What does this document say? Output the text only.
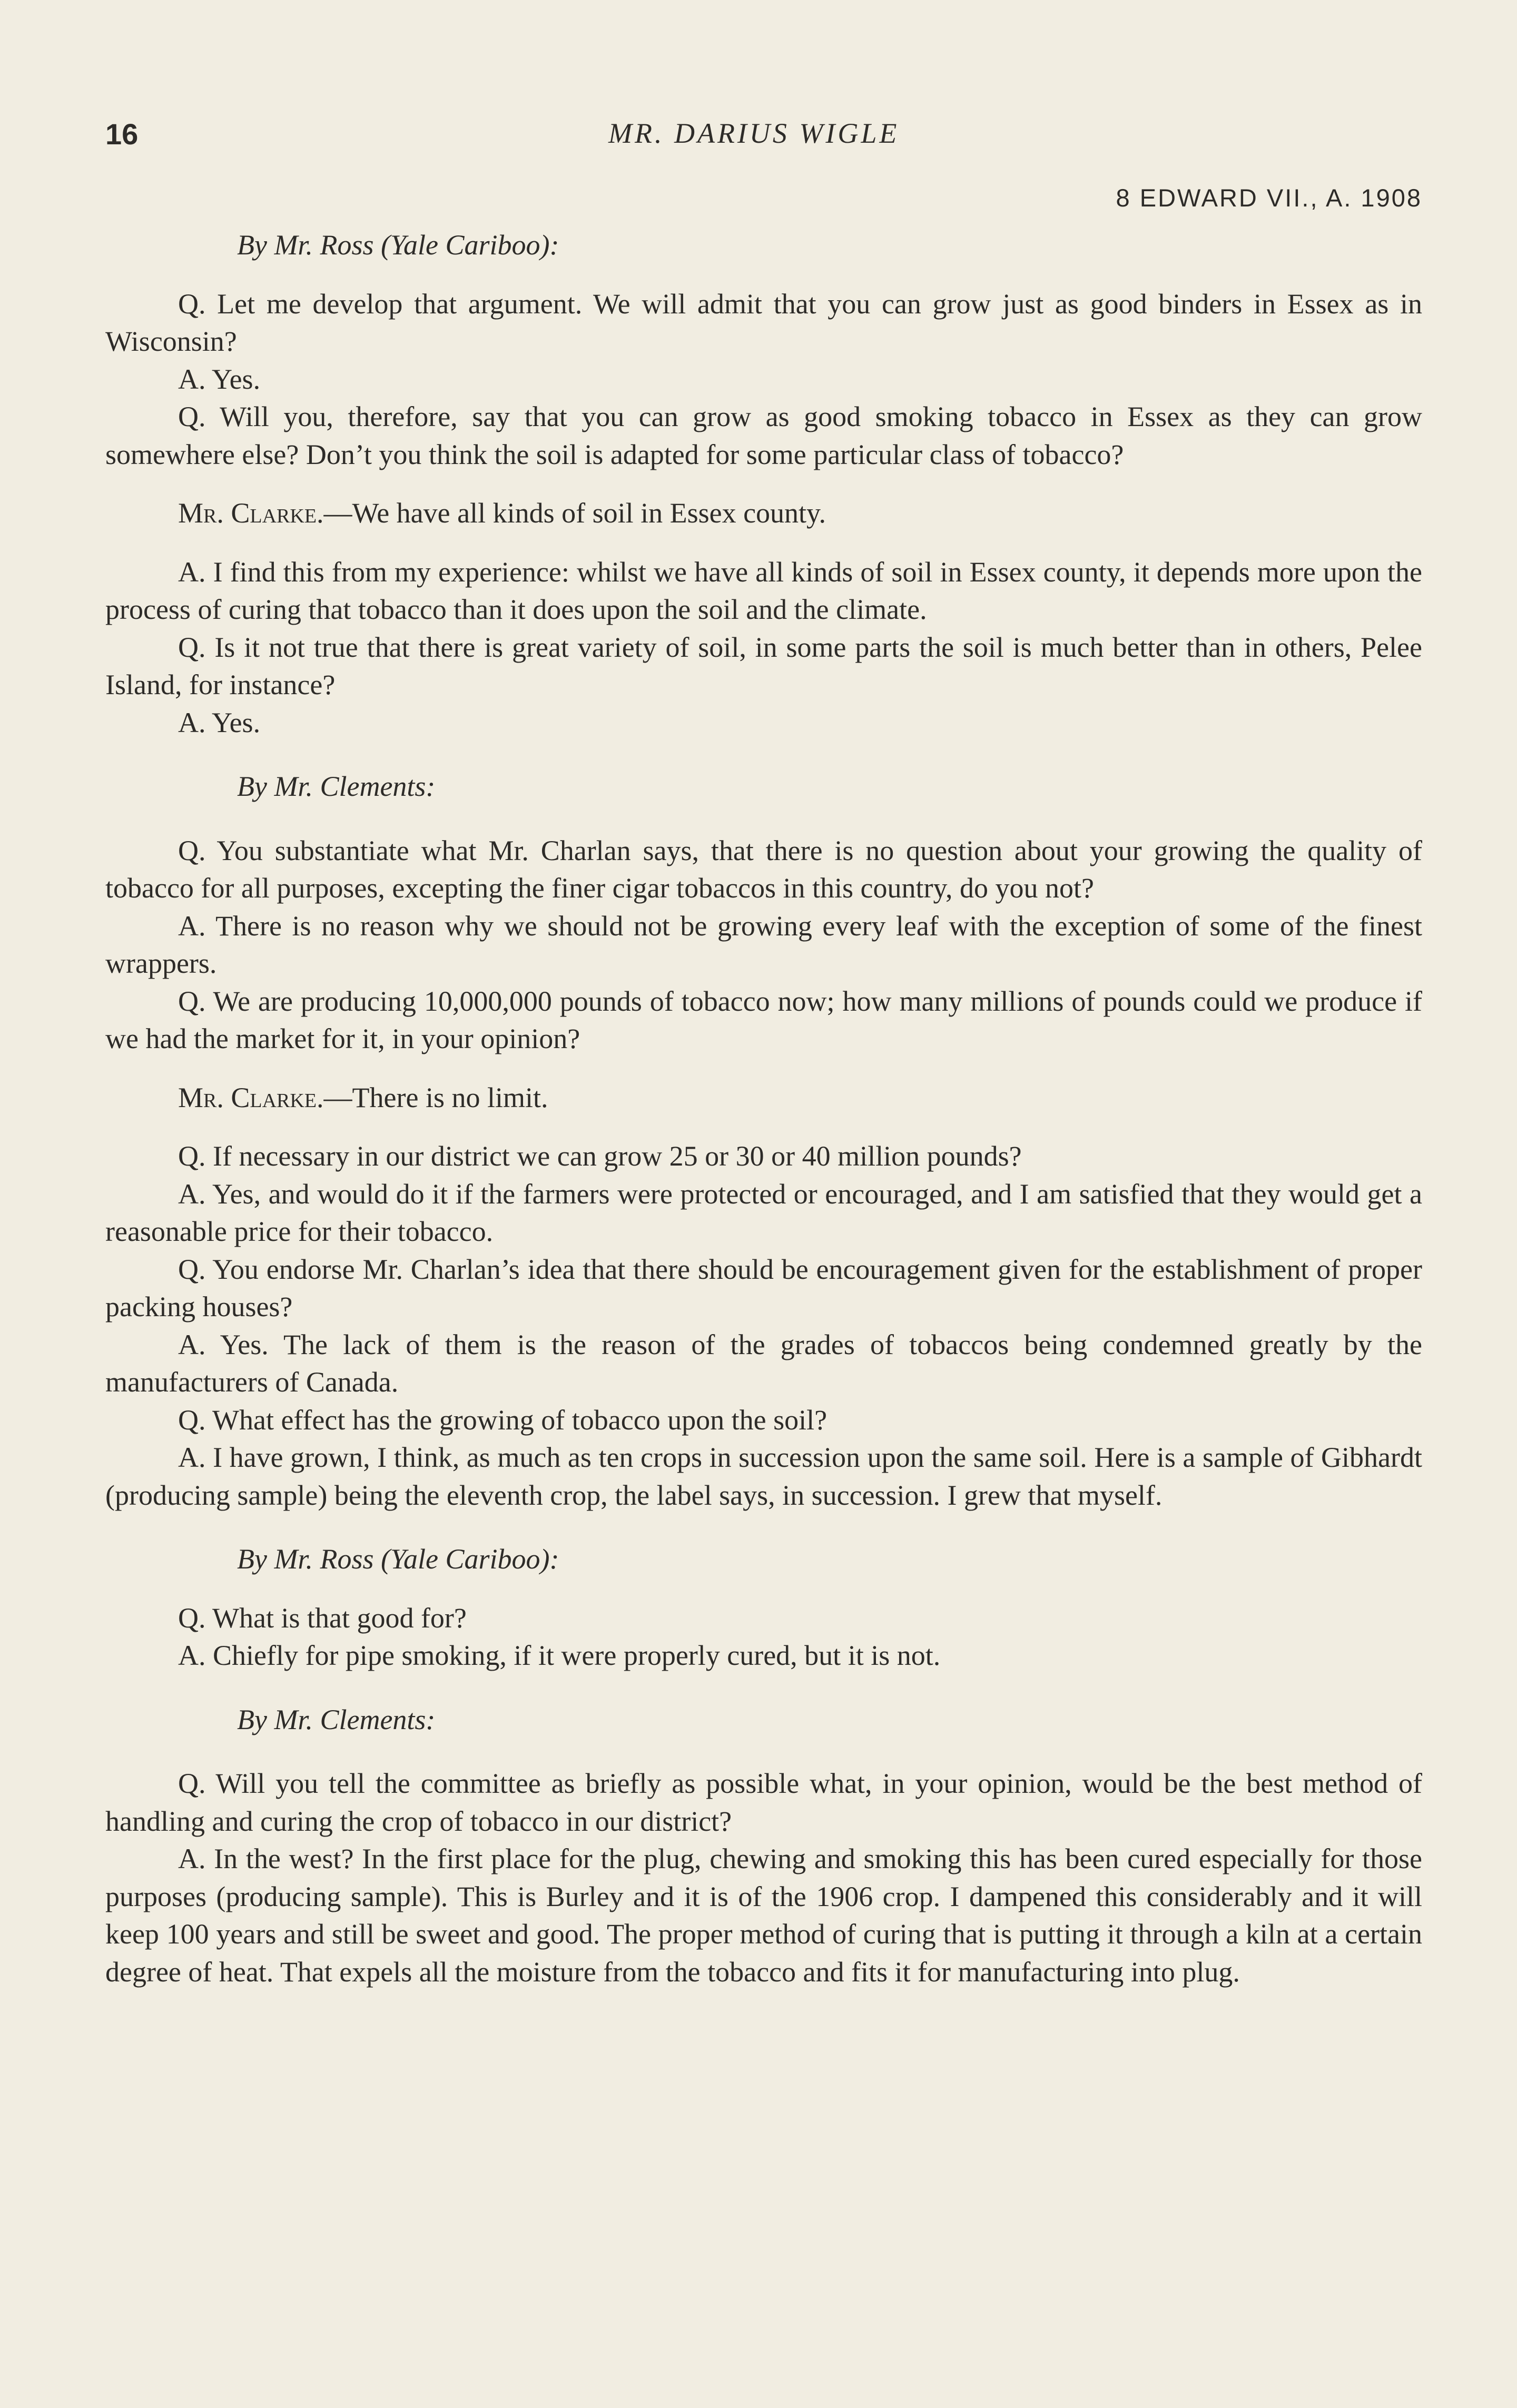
16	MR. DARIUS WIGLE
8 EDWARD VII., A. 1908

By Mr. Ross (Yale Cariboo):

Q. Let me develop that argument. We will admit that you can grow just as good binders in Essex as in Wisconsin?

A. Yes.

Q. Will you, therefore, say that you can grow as good smoking tobacco in Essex as they can grow somewhere else? Don’t you think the soil is adapted for some particular class of tobacco?

Mr. Clarke.—We have all kinds of soil in Essex county.

A. I find this from my experience: whilst we have all kinds of soil in Essex county, it depends more upon the process of curing that tobacco than it does upon the soil and the climate.

Q. Is it not true that there is great variety of soil, in some parts the soil is much better than in others, Pelee Island, for instance?

A. Yes.

By Mr. Clements:

Q. You substantiate what Mr. Charlan says, that there is no question about your growing the quality of tobacco for all purposes, excepting the finer cigar tobaccos in this country, do you not?

A. There is no reason why we should not be growing every leaf with the exception of some of the finest wrappers.

Q. We are producing 10,000,000 pounds of tobacco now; how many millions of pounds could we produce if we had the market for it, in your opinion?

Mr. Clarke.—There is no limit.

Q. If necessary in our district we can grow 25 or 30 or 40 million pounds?

A. Yes, and would do it if the farmers were protected or encouraged, and I am satisfied that they would get a reasonable price for their tobacco.

Q. You endorse Mr. Charlan’s idea that there should be encouragement given for the establishment of proper packing houses?

A. Yes. The lack of them is the reason of the grades of tobaccos being condemned greatly by the manufacturers of Canada.

Q. What effect has the growing of tobacco upon the soil?

A. I have grown, I think, as much as ten crops in succession upon the same soil. Here is a sample of Gibhardt (producing sample) being the eleventh crop, the label says, in succession. I grew that myself.

By Mr. Ross (Yale Cariboo):

Q. What is that good for?

A. Chiefly for pipe smoking, if it were properly cured, but it is not.

By Mr. Clements:

Q. Will you tell the committee as briefly as possible what, in your opinion, would be the best method of handling and curing the crop of tobacco in our district?

A. In the west? In the first place for the plug, chewing and smoking this has been cured especially for those purposes (producing sample). This is Burley and it is of the 1906 crop. I dampened this considerably and it will keep 100 years and still be sweet and good. The proper method of curing that is putting it through a kiln at a certain degree of heat. That expels all the moisture from the tobacco and fits it for manufacturing into plug.
